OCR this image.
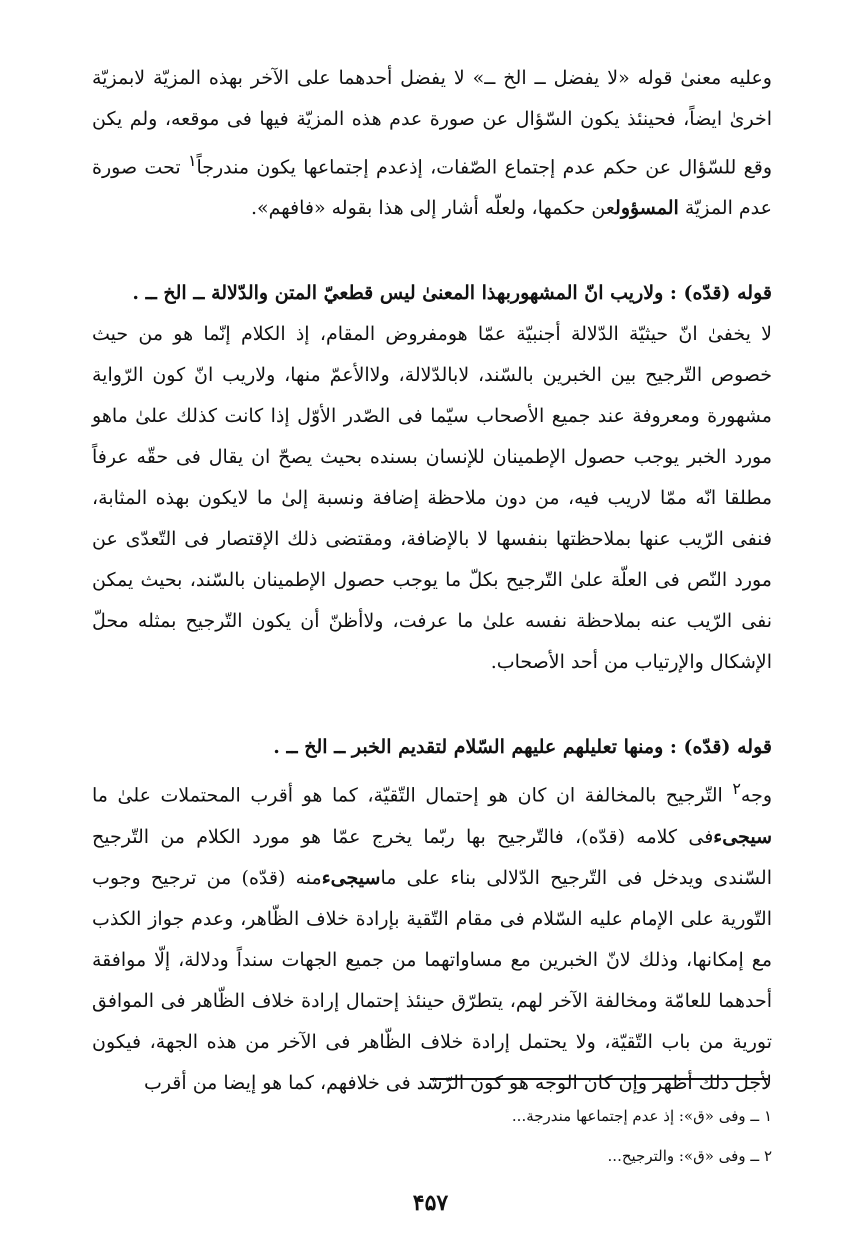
وعليه معنىٰ قوله «لا يفضل ــ الخ ــ» لا يفضل أحدهما على الآخر بهذه المزيّة لابمزيّة اخرىٰ ايضاً، فحينئذ يكون السّؤال عن صورة عدم هذه المزيّة فيها فى موقعه، ولم يكن وقع للسّؤال عن حكم عدم إجتماع الصّفات، إذعدم إجتماعها يكون مندرجاً$^١$ تحت صورة عدم المزيّة المسؤولعن حكمها، ولعلّه أشار إلى هذا بقوله «فافهم».

قوله (قدّه) : ولاريب انّ المشهوربهذا المعنىٰ ليس قطعيّ المتن والدّلالة ــ الخ ــ .

لا يخفىٰ انّ حيثيّة الدّلالة أجنبيّة عمّا هومفروض المقام، إذ الكلام إنّما هو من حيث خصوص التّرجيح بين الخبرين بالسّند، لابالدّلالة، ولاالأعمّ منها، ولاريب انّ كون الرّواية مشهورة ومعروفة عند جميع الأصحاب سيّما فى الصّدر الأوّل إذا كانت كذلك علىٰ ماهو مورد الخبر يوجب حصول الإطمينان للإنسان بسنده بحيث يصحّ ان يقال فى حقّه عرفاً مطلقا انّه ممّا لاريب فيه، من دون ملاحظة إضافة ونسبة إلىٰ ما لايكون بهذه المثابة، فنفى الرّيب عنها بملاحظتها بنفسها لا بالإضافة، ومقتضى ذلك الإقتصار فى التّعدّى عن مورد النّص فى العلّة علىٰ التّرجيح بكلّ ما يوجب حصول الإطمينان بالسّند، بحيث يمكن نفى الرّيب عنه بملاحظة نفسه علىٰ ما عرفت، ولاأظنّ أن يكون التّرجيح بمثله محلّ الإشكال والإرتياب من أحد الأصحاب.

قوله (قدّه) : ومنها تعليلهم عليهم السّلام لتقديم الخبر ــ الخ ــ .

وجه$^٢$ التّرجيح بالمخالفة ان كان هو إحتمال التّقيّة، كما هو أقرب المحتملات علىٰ ما سيجىءفى كلامه (قدّه)، فالتّرجيح بها ربّما يخرج عمّا هو مورد الكلام من التّرجيح السّندى ويدخل فى التّرجيح الدّلالى بناء على ماسيجىءمنه (قدّه) من ترجيح وجوب التّورية على الإمام عليه السّلام فى مقام التّقية بإرادة خلاف الظّاهر، وعدم جواز الكذب مع إمكانها، وذلك لانّ الخبرين مع مساواتهما من جميع الجهات سنداً ودلالة، إلّا موافقة أحدهما للعامّة ومخالفة الآخر لهم، يتطرّق حينئذ إحتمال إرادة خلاف الظّاهر فى الموافق تورية من باب التّقيّة، ولا يحتمل إرادة خلاف الظّاهر فى الآخر من هذه الجهة، فيكون لأجل ذلك أظهر وإن كان الوجه هو كون الرّشد فى خلافهم، كما هو إيضا من أقرب

١ ــ وفى «ق»: إذ عدم إجتماعها مندرجة...

٢ ــ وفى «ق»: والترجيح...

۴۵۷
